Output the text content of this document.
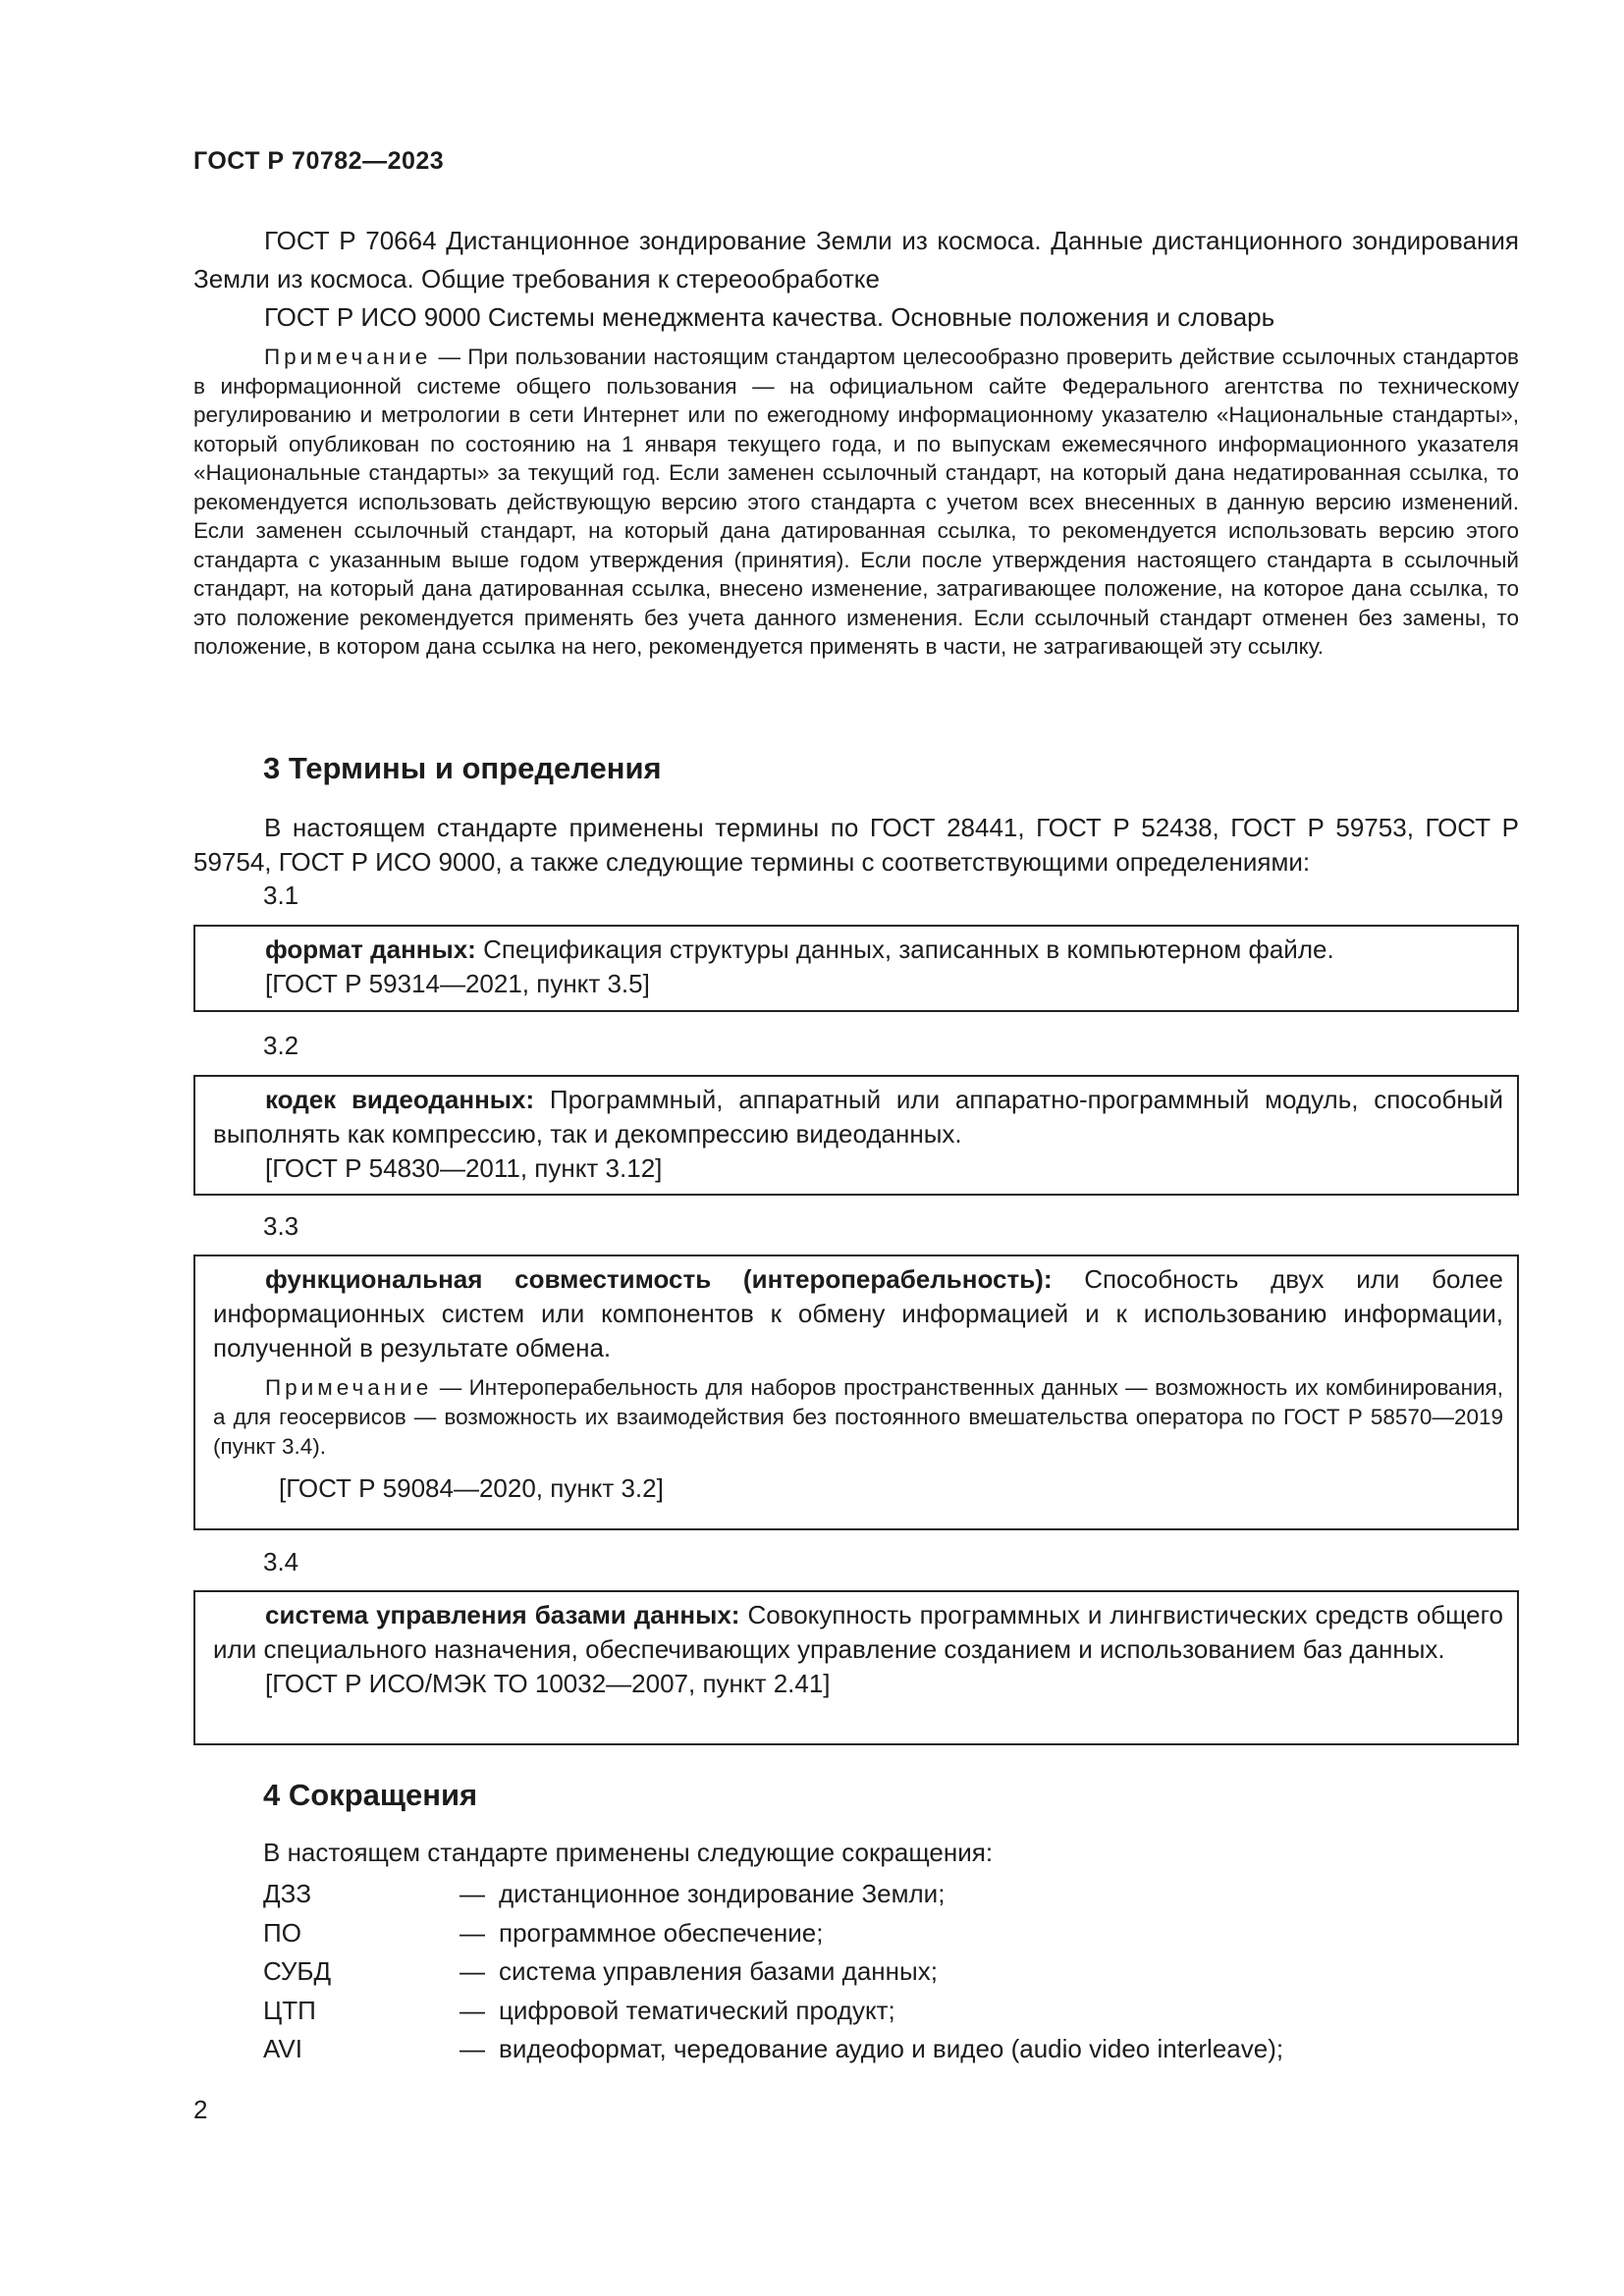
ГОСТ Р 70782—2023

ГОСТ Р 70664 Дистанционное зондирование Земли из космоса. Данные дистанционного зондирования Земли из космоса. Общие требования к стереообработке

ГОСТ Р ИСО 9000 Системы менеджмента качества. Основные положения и словарь

Примечание — При пользовании настоящим стандартом целесообразно проверить действие ссылочных стандартов в информационной системе общего пользования — на официальном сайте Федерального агентства по техническому регулированию и метрологии в сети Интернет или по ежегодному информационному указателю «Национальные стандарты», который опубликован по состоянию на 1 января текущего года, и по выпускам ежемесячного информационного указателя «Национальные стандарты» за текущий год. Если заменен ссылочный стандарт, на который дана недатированная ссылка, то рекомендуется использовать действующую версию этого стандарта с учетом всех внесенных в данную версию изменений. Если заменен ссылочный стандарт, на который дана датированная ссылка, то рекомендуется использовать версию этого стандарта с указанным выше годом утверждения (принятия). Если после утверждения настоящего стандарта в ссылочный стандарт, на который дана датированная ссылка, внесено изменение, затрагивающее положение, на которое дана ссылка, то это положение рекомендуется применять без учета данного изменения. Если ссылочный стандарт отменен без замены, то положение, в котором дана ссылка на него, рекомендуется применять в части, не затрагивающей эту ссылку.

3 Термины и определения

В настоящем стандарте применены термины по ГОСТ 28441, ГОСТ Р 52438, ГОСТ Р 59753, ГОСТ Р 59754, ГОСТ Р ИСО 9000, а также следующие термины с соответствующими определениями:

3.1

формат данных: Спецификация структуры данных, записанных в компьютерном файле.

[ГОСТ Р 59314—2021, пункт 3.5]

3.2

кодек видеоданных: Программный, аппаратный или аппаратно-программный модуль, способный выполнять как компрессию, так и декомпрессию видеоданных.

[ГОСТ Р 54830—2011, пункт 3.12]

3.3

функциональная совместимость (интероперабельность): Способность двух или более информационных систем или компонентов к обмену информацией и к использованию информации, полученной в результате обмена.

Примечание — Интероперабельность для наборов пространственных данных — возможность их комбинирования, а для геосервисов — возможность их взаимодействия без постоянного вмешательства оператора по ГОСТ Р 58570—2019 (пункт 3.4).

[ГОСТ Р 59084—2020, пункт 3.2]

3.4

система управления базами данных: Совокупность программных и лингвистических средств общего или специального назначения, обеспечивающих управление созданием и использованием баз данных.

[ГОСТ Р ИСО/МЭК ТО 10032—2007, пункт 2.41]

4 Сокращения
В настоящем стандарте применены следующие сокращения:
ДЗЗ	— дистанционное зондирование Земли;
ПО	— программное обеспечение;
СУБД	— система управления базами данных;
ЦТП	— цифровой тематический продукт;
AVI	— видеоформат, чередование аудио и видео (audio video interleave);
2
